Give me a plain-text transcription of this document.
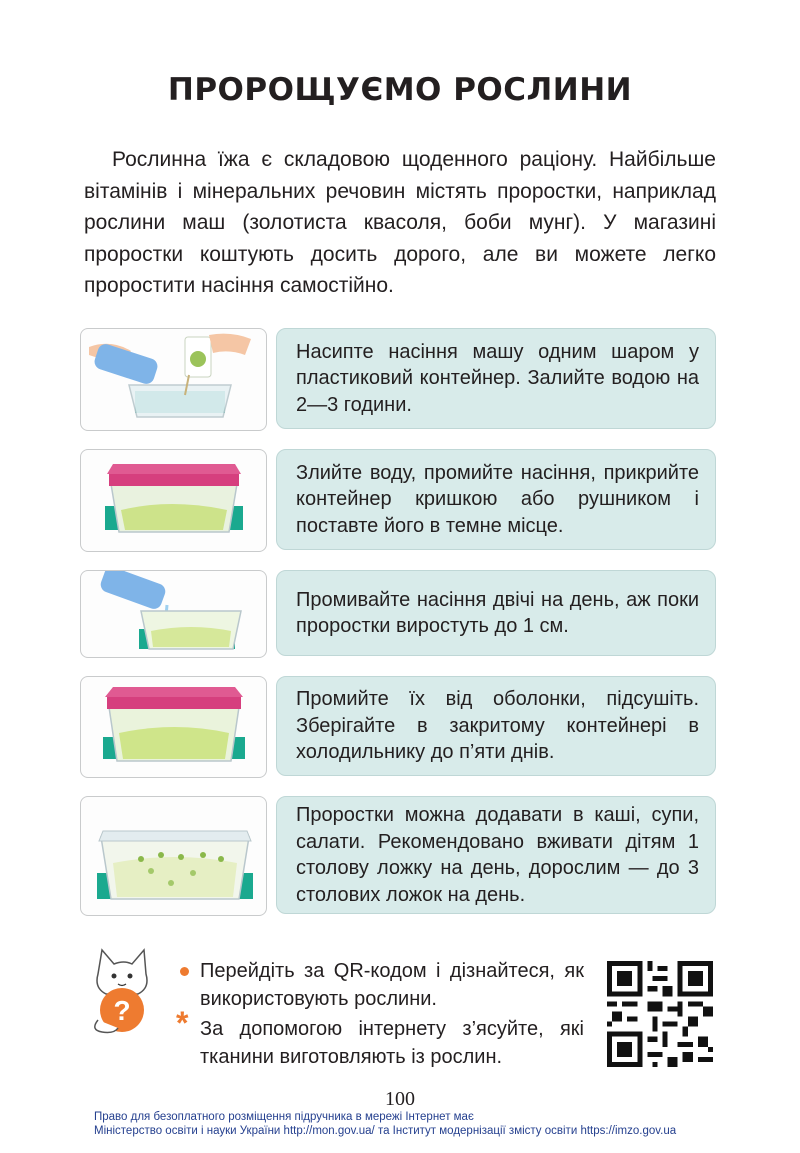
ПРОРОЩУЄМО РОСЛИНИ

Рослинна їжа є складовою щоденного раціону. Найбільше вітамінів і мінеральних речовин містять проростки, наприклад рослини маш (золотиста квасоля, боби мунг). У магазині проростки коштують досить дорого, але ви можете легко проростити насіння самостійно.

Насипте насіння машу одним шаром у пластиковий контейнер. Залийте водою на 2—3 години.
Злийте воду, промийте насіння, прикрийте контейнер кришкою або рушником і поставте його в темне місце.
Промивайте насіння двічі на день, аж поки проростки виростуть до 1 см.
Промийте їх від оболонки, підсушіть. Зберігайте в закритому контейнері в холодильнику до п’яти днів.
Проростки можна додавати в каші, супи, салати. Рекомендовано вживати дітям 1 столову ложку на день, дорослим — до 3 столових ложок на день.
?
Перейдіть за QR-кодом і дізнайтеся, як використовують рослини.
* За допомогою інтернету з’ясуйте, які тканини виготовляють із рослин.
100
Право для безоплатного розміщення підручника в мережі Інтернет має
Міністерство освіти і науки України http://mon.gov.ua/ та Інститут модернізації змісту освіти https://imzo.gov.ua
